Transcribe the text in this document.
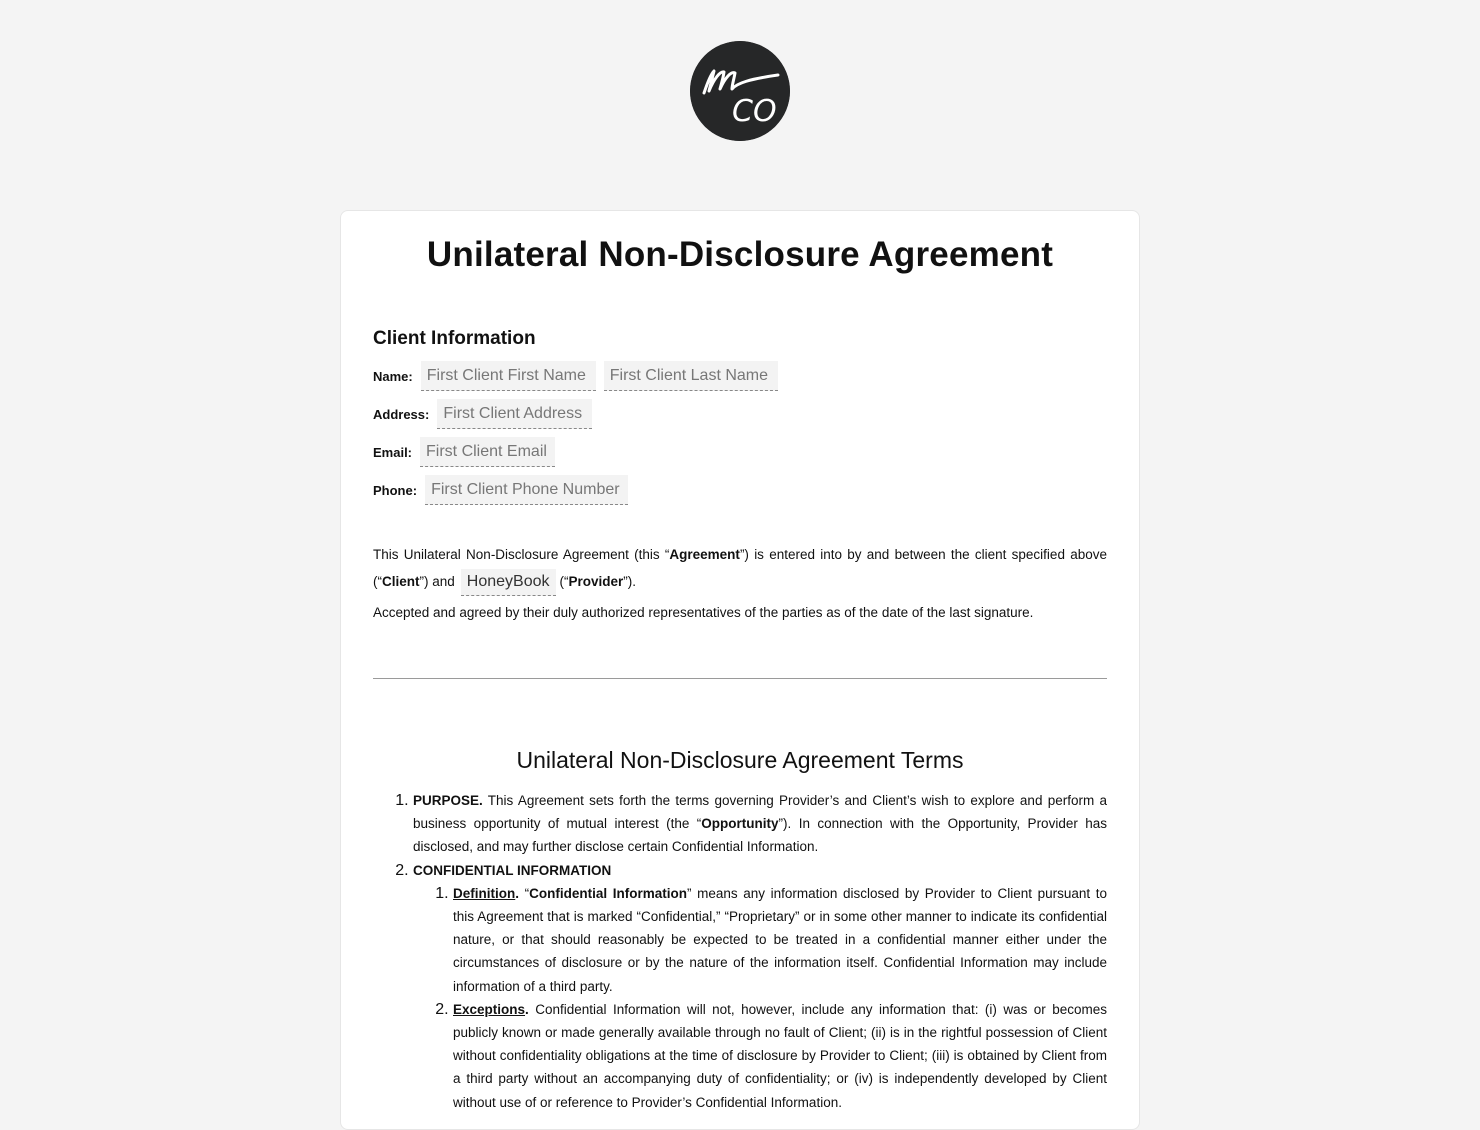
CO
Unilateral Non-Disclosure Agreement
Client Information
Name:
First Client First Name
First Client Last Name
Address:
First Client Address
Email:
First Client Email
Phone:
First Client Phone Number
This Unilateral Non-Disclosure Agreement (this “Agreement”) is entered into by and between the client specified above (“Client”) and HoneyBook (“Provider”).
Accepted and agreed by their duly authorized representatives of the parties as of the date of the last signature.
Unilateral Non-Disclosure Agreement Terms
1. PURPOSE. This Agreement sets forth the terms governing Provider’s and Client’s wish to explore and perform a business opportunity of mutual interest (the “Opportunity”). In connection with the Opportunity, Provider has disclosed, and may further disclose certain Confidential Information.
2. CONFIDENTIAL INFORMATION
1. Definition. “Confidential Information” means any information disclosed by Provider to Client pursuant to this Agreement that is marked “Confidential,” “Proprietary” or in some other manner to indicate its confidential nature, or that should reasonably be expected to be treated in a confidential manner either under the circumstances of disclosure or by the nature of the information itself. Confidential Information may include information of a third party.
2. Exceptions. Confidential Information will not, however, include any information that: (i) was or becomes publicly known or made generally available through no fault of Client; (ii) is in the rightful possession of Client without confidentiality obligations at the time of disclosure by Provider to Client; (iii) is obtained by Client from a third party without an accompanying duty of confidentiality; or (iv) is independently developed by Client without use of or reference to Provider’s Confidential Information.
